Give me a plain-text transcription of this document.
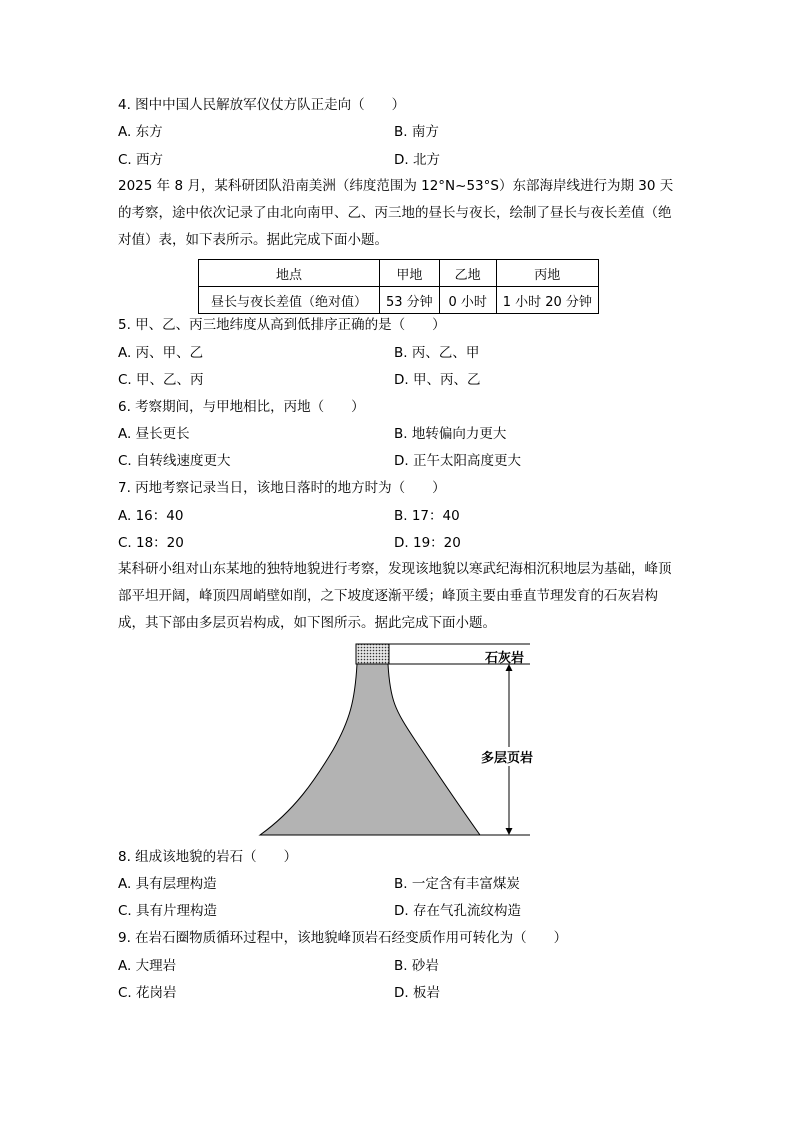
4. 图中中国人民解放军仪仗方队正走向（　　）
A. 东方	B. 南方
C. 西方	D. 北方
2025 年 8 月，某科研团队沿南美洲（纬度范围为 12°N~53°S）东部海岸线进行为期 30 天的考察，途中依次记录了由北向南甲、乙、丙三地的昼长与夜长，绘制了昼长与夜长差值（绝对值）表，如下表所示。据此完成下面小题。
地点	甲地	乙地	丙地
昼长与夜长差值（绝对值）	53 分钟	0 小时	1 小时 20 分钟
5. 甲、乙、丙三地纬度从高到低排序正确的是（　　）
A. 丙、甲、乙	B. 丙、乙、甲
C. 甲、乙、丙	D. 甲、丙、乙
6. 考察期间，与甲地相比，丙地（　　）
A. 昼长更长	B. 地转偏向力更大
C. 自转线速度更大	D. 正午太阳高度更大
7. 丙地考察记录当日，该地日落时的地方时为（　　）
A. 16：40	B. 17：40
C. 18：20	D. 19：20
某科研小组对山东某地的独特地貌进行考察，发现该地貌以寒武纪海相沉积地层为基础，峰顶部平坦开阔，峰顶四周峭壁如削，之下坡度逐渐平缓；峰顶主要由垂直节理发育的石灰岩构成，其下部由多层页岩构成，如下图所示。据此完成下面小题。
石灰岩
多层页岩
8. 组成该地貌的岩石（　　）
A. 具有层理构造	B. 一定含有丰富煤炭
C. 具有片理构造	D. 存在气孔流纹构造
9. 在岩石圈物质循环过程中，该地貌峰顶岩石经变质作用可转化为（　　）
A. 大理岩	B. 砂岩
C. 花岗岩	D. 板岩
